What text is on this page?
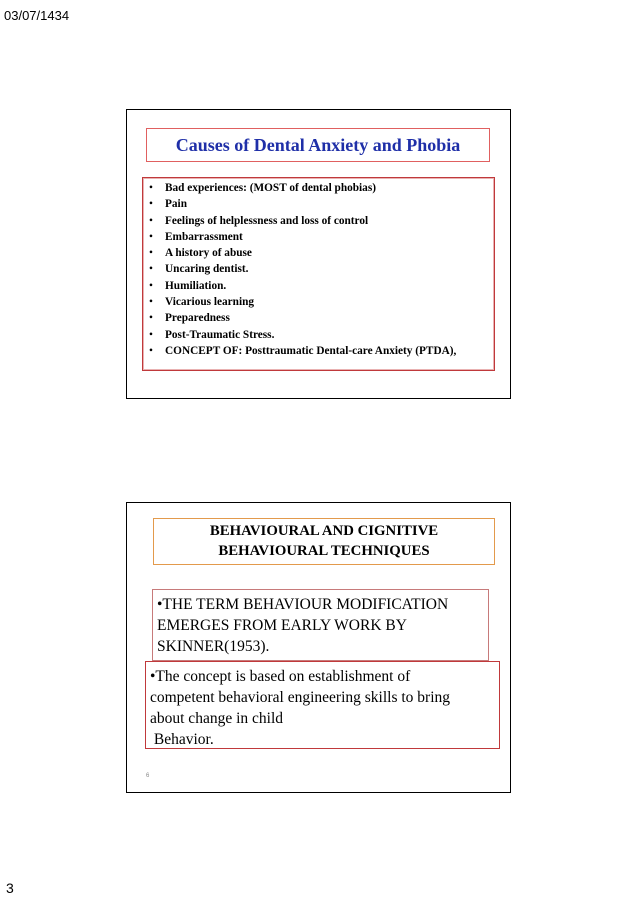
03/07/1434
Causes of Dental Anxiety and Phobia
• Bad experiences: (MOST of dental phobias)
• Pain
• Feelings of helplessness and loss of control
• Embarrassment
• A history of abuse
• Uncaring dentist.
• Humiliation.
• Vicarious learning
• Preparedness
• Post-Traumatic Stress.
• CONCEPT OF: Posttraumatic Dental-care Anxiety (PTDA),
BEHAVIOURAL AND CIGNITIVE
BEHAVIOURAL TECHNIQUES
•THE TERM BEHAVIOUR MODIFICATION
EMERGES FROM EARLY WORK BY
SKINNER(1953).
•The concept is based on establishment of
competent behavioral engineering skills to bring
about change in child
Behavior.
6
3
